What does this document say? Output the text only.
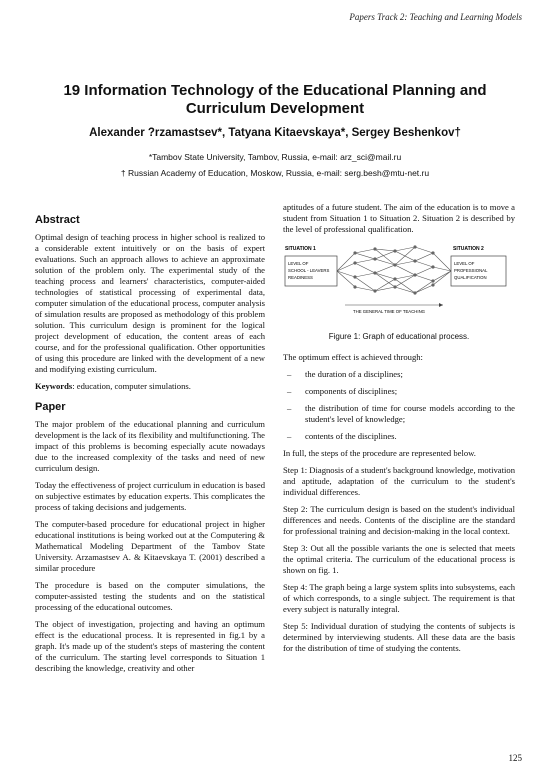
Papers Track 2: Teaching and Learning Models
19 Information Technology of the Educational Planning and Curriculum Development
Alexander ?rzamastsev*, Tatyana Kitaevskaya*, Sergey Beshenkov†
*Tambov State University, Tambov, Russia, e-mail: arz_sci@mail.ru
† Russian Academy of Education, Moskow, Russia, e-mail: serg.besh@mtu-net.ru
Abstract

Optimal design of teaching process in higher school is realized to a considerable extent intuitively or on the basis of expert evaluations. Such an approach allows to achieve an approximate solution of the problem only. The experimental study of the teaching process and learners' characteristics, computer-aided technologies of statistical processing of experimental data, computer simulation of the educational process, computer analysis of simulation results are proposed as methodology of this problem solution. This curriculum design is prominent for the logical project development of education, the content areas of each course, and for the professional qualification. Other opportunities of using this procedure are linked with the development of a new and modifying existing curriculum.

Keywords: education, computer simulations.

Paper

The major problem of the educational planning and curriculum development is the lack of its flexibility and multifunctioning. The impact of this problems is becoming especially acute nowadays due to the increased complexity of the tasks and need of new curriculum design.

Today the effectiveness of project curriculum in education is based on subjective estimates by education experts. This complicates the process of taking decisions and judgements.

The computer-based procedure for educational project in higher educational institutions is being worked out at the Computering & Mathematical Modeling Department of the Tambov State University. Arzamastsev A. & Kitaevskaya T. (2001) described a similar procedure

The procedure is based on the computer simulations, the computer-assisted testing the students and on the statistical processing of the educational outcomes.

The object of investigation, projecting and having an optimum effect is the educational process. It is represented in fig.1 by a graph. It's made up of the student's steps of mastering the content of the curriculum. The starting level corresponds to Situation 1 describing the knowledge, creativity and other

aptitudes of a future student. The aim of the education is to move a student from Situation 1 to Situation 2. Situation 2 is described by the level of professional qualification.

SITUATION 1	SITUATION 2
LEVEL OF
SCHOOL - LEAVERS
READINESS
LEVEL OF
PROFESSIONAL
QUALIFICATION
THE GENERAL TIME OF TEACHING
Figure 1: Graph of educational process.

The optimum effect is achieved through:

– the duration of a disciplines;
– components of disciplines;
– the distribution of time for course models according to the student's level of knowledge;
– contents of the disciplines.

In full, the steps of the procedure are represented below.

Step 1: Diagnosis of a student's background knowledge, motivation and aptitude, adaptation of the curriculum to the student's individual differences.

Step 2: The curriculum design is based on the student's individual differences and needs. Contents of the discipline are the standard for professional training and decision-making in the local context.

Step 3: Out all the possible variants the one is selected that meets the optimal criteria. The curriculum of the educational process is shown on fig. 1.

Step 4: The graph being a large system splits into subsystems, each of which corresponds, to a single subject. The requirement is that every subject is naturally integral.

Step 5: Individual duration of studying the contents of subjects is determined by interviewing students. All these data are the basis for the distribution of time of studying the contents.

125
